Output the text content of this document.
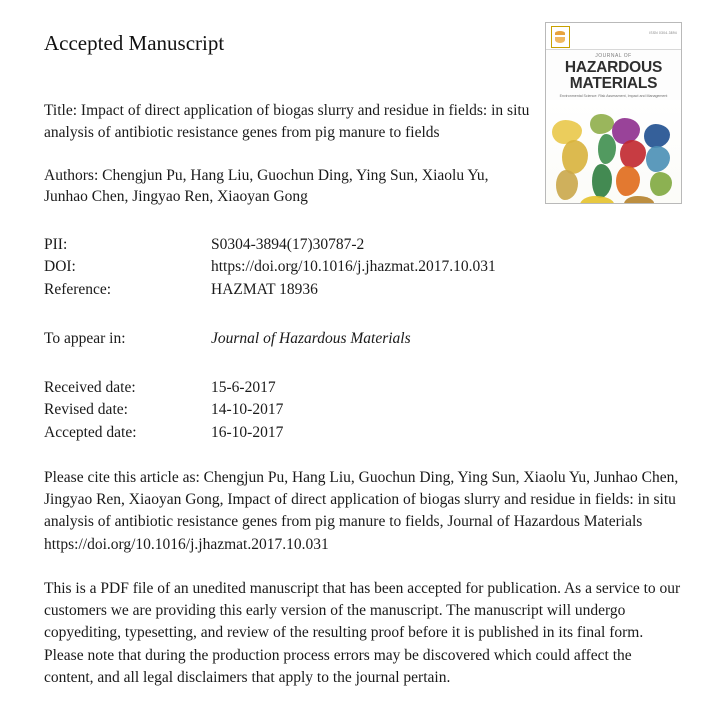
Accepted Manuscript	ISSN 0304-3894
JOURNAL OF
HAZARDOUS
MATERIALS
Environmental Science: Risk Assessment, Impact and Management
Title: Impact of direct application of biogas slurry and residue in fields: in situ analysis of antibiotic resistance genes from pig manure to fields
Authors: Chengjun Pu, Hang Liu, Guochun Ding, Ying Sun, Xiaolu Yu, Junhao Chen, Jingyao Ren, Xiaoyan Gong
PII:	S0304-3894(17)30787-2
DOI:	https://doi.org/10.1016/j.jhazmat.2017.10.031
Reference:	HAZMAT 18936
To appear in:	Journal of Hazardous Materials
Received date:	15-6-2017
Revised date:	14-10-2017
Accepted date:	16-10-2017

Please cite this article as: Chengjun Pu, Hang Liu, Guochun Ding, Ying Sun, Xiaolu Yu, Junhao Chen, Jingyao Ren, Xiaoyan Gong, Impact of direct application of biogas slurry and residue in fields: in situ analysis of antibiotic resistance genes from pig manure to fields, Journal of Hazardous Materials https://doi.org/10.1016/j.jhazmat.2017.10.031

This is a PDF file of an unedited manuscript that has been accepted for publication. As a service to our customers we are providing this early version of the manuscript. The manuscript will undergo copyediting, typesetting, and review of the resulting proof before it is published in its final form. Please note that during the production process errors may be discovered which could affect the content, and all legal disclaimers that apply to the journal pertain.
